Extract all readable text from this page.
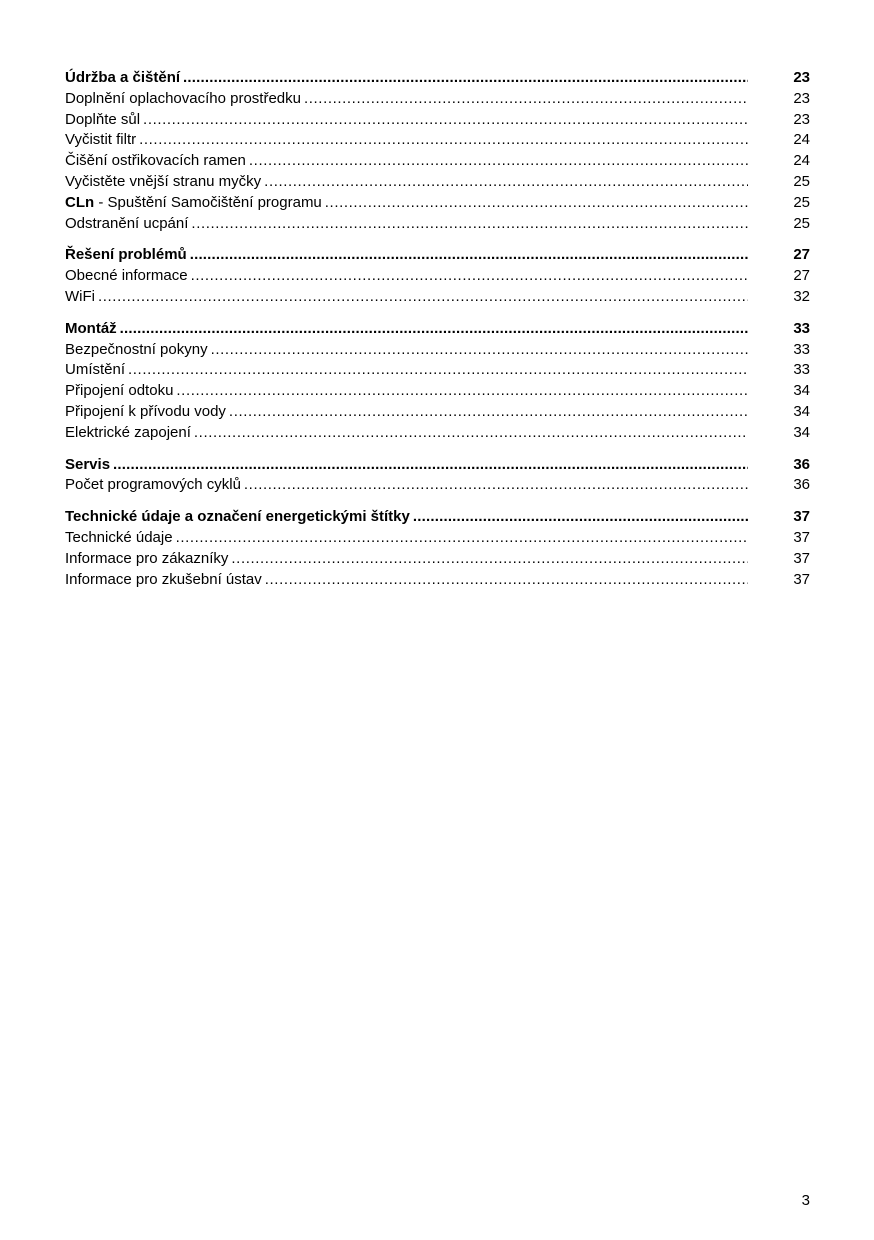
Údržba a čištění .....	23
Doplnění oplachovacího prostředku .....	23
Doplňte sůl .....	23
Vyčistit filtr .....	24
Čišění ostřikovacích ramen .....	24
Vyčistěte vnější stranu myčky .....	25
CLn - Spuštění Samočištění programu .....	25
Odstranění ucpání .....	25
Řešení problémů .....	27
Obecné informace .....	27
WiFi .....	32
Montáž .....	33
Bezpečnostní pokyny .....	33
Umístění .....	33
Připojení odtoku .....	34
Připojení k přívodu vody .....	34
Elektrické zapojení .....	34
Servis .....	36
Počet programových cyklů .....	36
Technické údaje a označení energetickými štítky .....	37
Technické údaje .....	37
Informace pro zákazníky .....	37
Informace pro zkušební ústav .....	37
3
